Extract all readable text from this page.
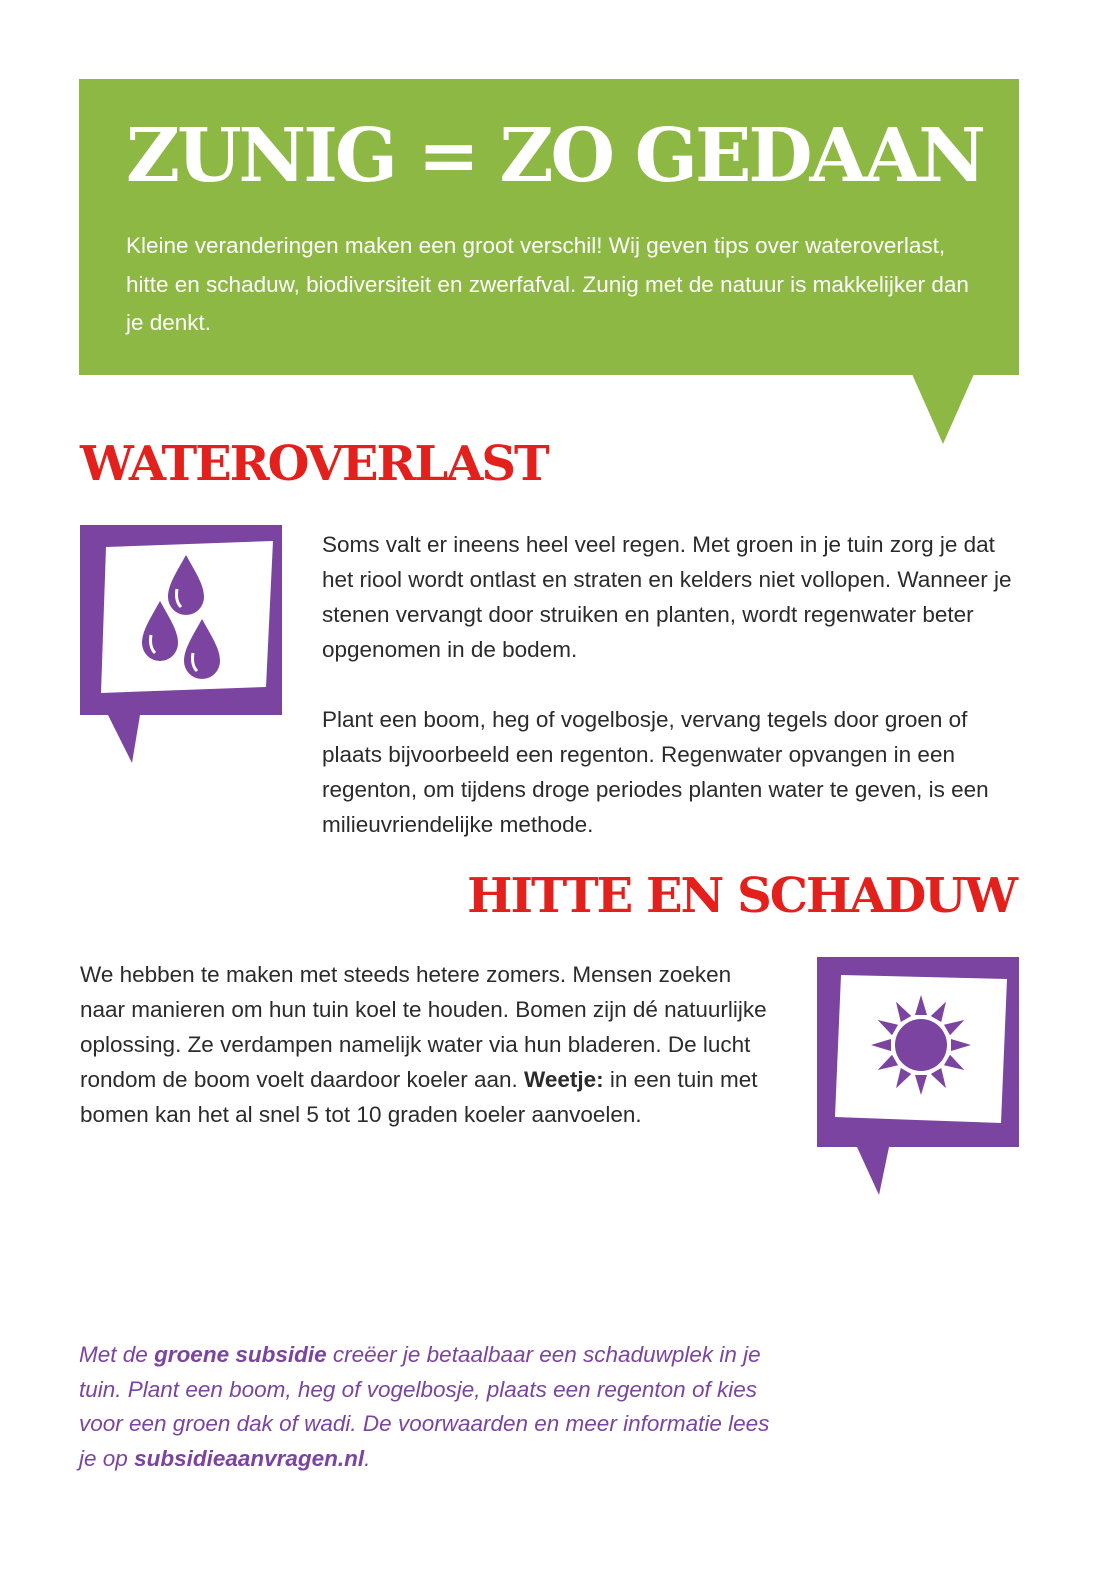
ZUNIG = ZO GEDAAN

Kleine veranderingen maken een groot verschil! Wij geven tips over wateroverlast, hitte en schaduw, biodiversiteit en zwerfafval. Zunig met de natuur is makkelijker dan je denkt.

WATEROVERLAST

Soms valt er ineens heel veel regen. Met groen in je tuin zorg je dat het riool wordt ontlast en straten en kelders niet vollopen. Wanneer je stenen vervangt door struiken en planten, wordt regenwater beter opgenomen in de bodem.

Plant een boom, heg of vogelbosje, vervang tegels door groen of plaats bijvoorbeeld een regenton. Regenwater opvangen in een regenton, om tijdens droge periodes planten water te geven, is een milieuvriendelijke methode.

HITTE EN SCHADUW
We hebben te maken met steeds hetere zomers. Mensen zoeken naar manieren om hun tuin koel te houden. Bomen zijn dé natuurlijke oplossing. Ze verdampen namelijk water via hun bladeren. De lucht rondom de boom voelt daardoor koeler aan. Weetje: in een tuin met bomen kan het al snel 5 tot 10 graden koeler aanvoelen.

Met de groene subsidie creëer je betaalbaar een schaduwplek in je tuin. Plant een boom, heg of vogelbosje, plaats een regenton of kies voor een groen dak of wadi. De voorwaarden en meer informatie lees je op subsidieaanvragen.nl.
